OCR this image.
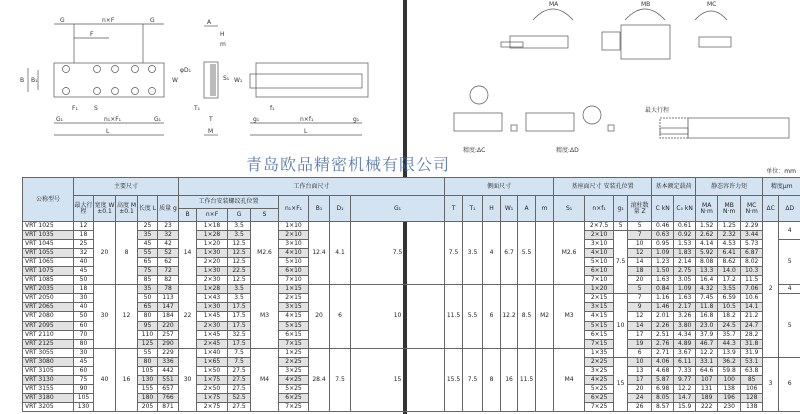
G	n×F	G
F
B B₁	W
F₁	S
G₁	n₁×F₁	G₁
L
A
H
m
φD₁
S₁ W₁
T₁
T
M
f₁
g₁	n×f₁	g₁
L
MA	MB	MC
精度:ΔC	精度:ΔD
最大行程
单位：mm
青岛欧品精密机械有限公司
公称型号	主要尺寸					工作台面尺寸								侧面尺寸						基座面尺寸 安装孔位置				基本额定载荷		静态容许力矩			精度μm	
	最大行程	宽度 W ±0.1	高度 M ±0.1	长度 L	质量 g	工作台安装螺纹孔位置				n₁×F₁	B₁	D₁	G₁	T	T₁	H	W₁	A	m	S₁	n×f₁	g₁	滚柱数量 Z	C kN	C₀ kN	MA N·m	MB N·m	MC N·m	ΔC	ΔD
						B	n×F	G	S																					
VRT 1025	12	20	8	25	23	14	1×18	3.5	M2.6	1×10	12.4	4.1	7.5	7.5	3.5	4	6.7	5.5		M2.6	2×7.5	5	5	0.46	0.61	1.52	1.25	2.29	2	4
VRT 1035	18			35	32		1×28	3.5		2×10											2×10	7.5	7	0.63	0.92	2.62	2.32	3.44		
VRT 1045	25			45	42		1×20	12.5		3×10											3×10		10	0.95	1.53	4.14	4.53	5.73		5
VRT 1055	32			55	52		1×30	12.5		4×10											4×10		12	1.09	1.83	5.92	6.41	6.87		
VRT 1065	40			65	62		2×20	12.5		5×10											5×10		14	1.23	2.14	8.08	8.62	8.02		
VRT 1075	45			75	72		1×30	22.5		6×10											6×10		18	1.50	2.75	13.3	14.0	10.3		
VRT 1085	50			85	82		2×30	12.5		7×10											7×10		20	1.63	3.05	16.4	17.2	11.5		
VRT 2035	18	30	12	35	78	22	1×28	3.5	M3	1×15	20	6	10	11.5	5.5	6	12.2	8.5	M2	M3	1×20		5	0.84	1.09	4.32	3.55	7.06		4
VRT 2050	30			50	113		1×43	3.5		2×15											2×15	10	7	1.16	1.63	7.45	6.59	10.6		5
VRT 2065	40			65	147		1×30	17.5		3×15											3×15		9	1.46	2.17	11.8	10.5	14.1		
VRT 2080	50			80	184		1×45	17.5		4×15											4×15		12	2.01	3.26	16.8	18.2	21.2		
VRT 2095	60			95	220		2×30	17.5		5×15											5×15		14	2.26	3.80	23.0	24.5	24.7		
VRT 2110	70			110	257		1×45	32.5		6×15											6×15		17	2.51	4.34	37.9	35.7	28.2		
VRT 2125	80			125	290		2×45	17.5		7×15											7×15		19	2.76	4.89	46.7	44.3	31.8		
VRT 3055	30	40	16	55	229	30	1×40	7.5	M4	1×25	28.4	7.5	15	15.5	7.5	8	16	11.5		M4	1×35		6	2.71	3.67	12.2	13.9	31.9		
VRT 3080	45			80	336		1×65	7.5		2×25											2×25	15	10	4.06	6.11	33.1	36.2	53.1	3	6
VRT 3105	60			105	442		1×50	27.5		3×25											3×25		13	4.68	7.33	64.6	59.8	63.8		
VRT 3130	75			130	551		1×75	27.5		4×25											4×25		17	5.87	9.77	107	100	85		
VRT 3155	90			155	657		2×50	27.5		5×25											5×25		20	6.98	12.2	131	138	106		
VRT 3180	105			180	766		1×75	52.5		6×25											6×25		24	8.05	14.7	189	196	128		
VRT 3205	130			205	871		2×75	27.5		7×25											7×25		26	8.57	15.9	222	230	138		
